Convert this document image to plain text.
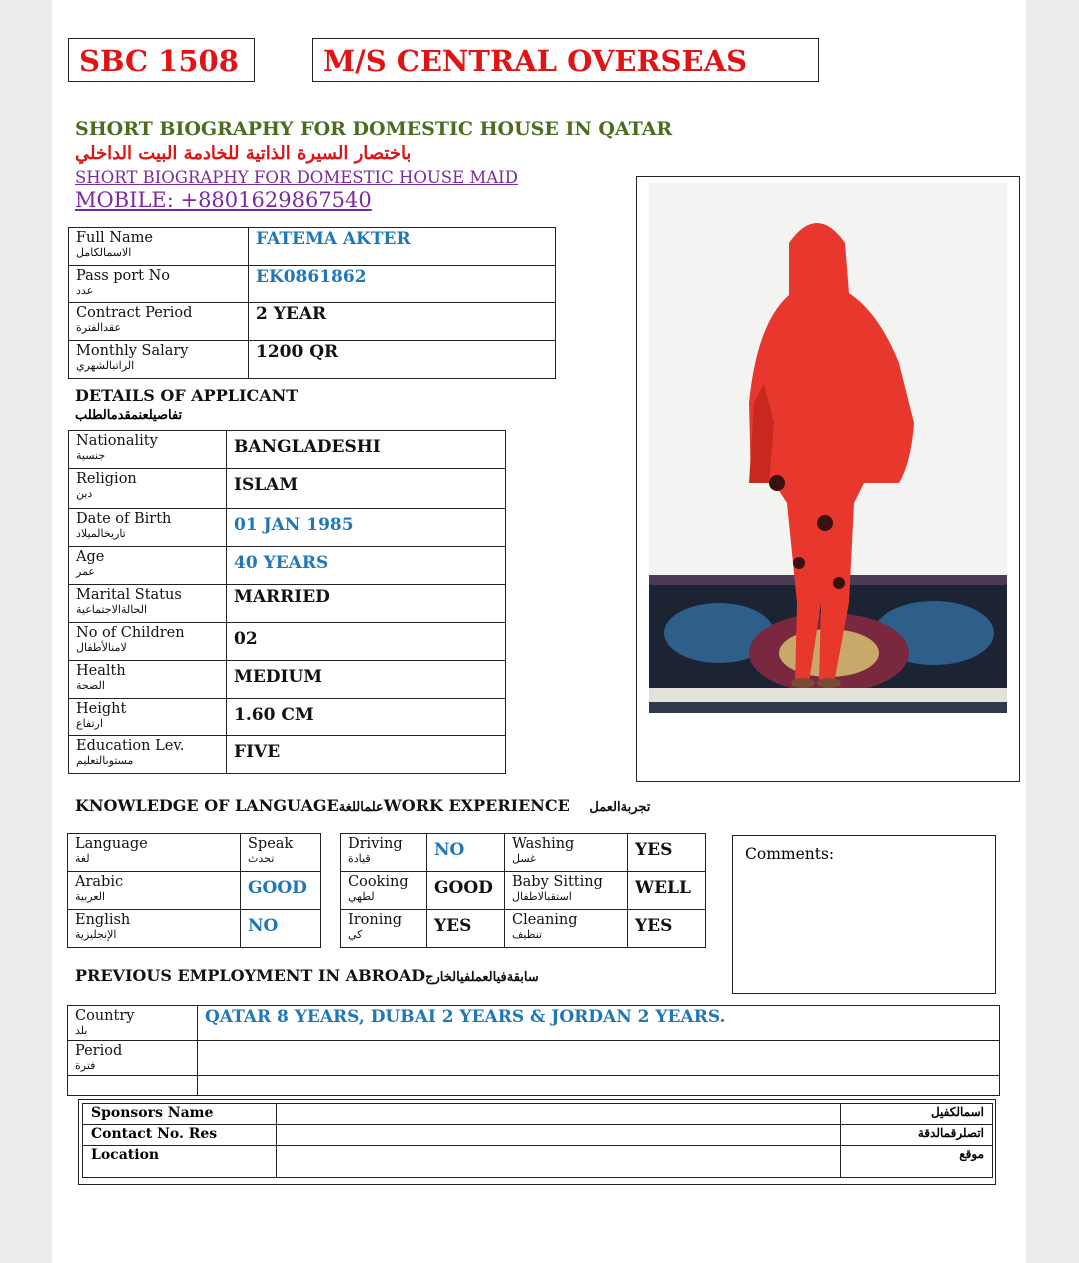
SBC 1508	M/S CENTRAL OVERSEAS
SHORT BIOGRAPHY FOR DOMESTIC HOUSE IN QATAR
باختصار السيرة الذاتية للخادمة البيت الداخلي
SHORT BIOGRAPHY FOR DOMESTIC HOUSE MAID
MOBILE: +8801629867540
Full Name
الاسمالكامل	FATEMA AKTER
Pass port No
عدد	EK0861862
Contract Period
عقدالفترة	2 YEAR
Monthly Salary
الراتبالشهري	1200 QR
DETAILS OF APPLICANT
تفاصيلعنمقدمالطلب
Nationality
جنسية	BANGLADESHI
Religion
دين	ISLAM
Date of Birth
تاريخالميلاد	01 JAN 1985
Age
عمر	40 YEARS
Marital Status
الحالةالاجتماعية	MARRIED
No of Children
لامنالأطفال	02
Health
الصحة	MEDIUM
Height
ارتفاع	1.60 CM
Education Lev.
مستوىالتعليم	FIVE
KNOWLEDGE OF LANGUAGEعلماللغةWORK EXPERIENCE تجربةالعمل
Language
لغة	Speak
تحدث

Arabic
العربية	GOOD
English
الإنجليزية	NO
Driving
قيادة	NO	Washing
غسل	YES
Cooking
لطهي	GOOD	Baby Sitting
استقبالاطفال	WELL
Ironing
كي	YES	Cleaning
تنظيف	YES
Comments:
PREVIOUS EMPLOYMENT IN ABROADسابقةفيالعملفيالخارج
Country
بلد	QATAR 8 YEARS, DUBAI 2 YEARS & JORDAN 2 YEARS.
Period
فترة	

Sponsors Name		اسمالكفيل
Contact No. Res		اتصلرقمالدقة
Location		موقع
